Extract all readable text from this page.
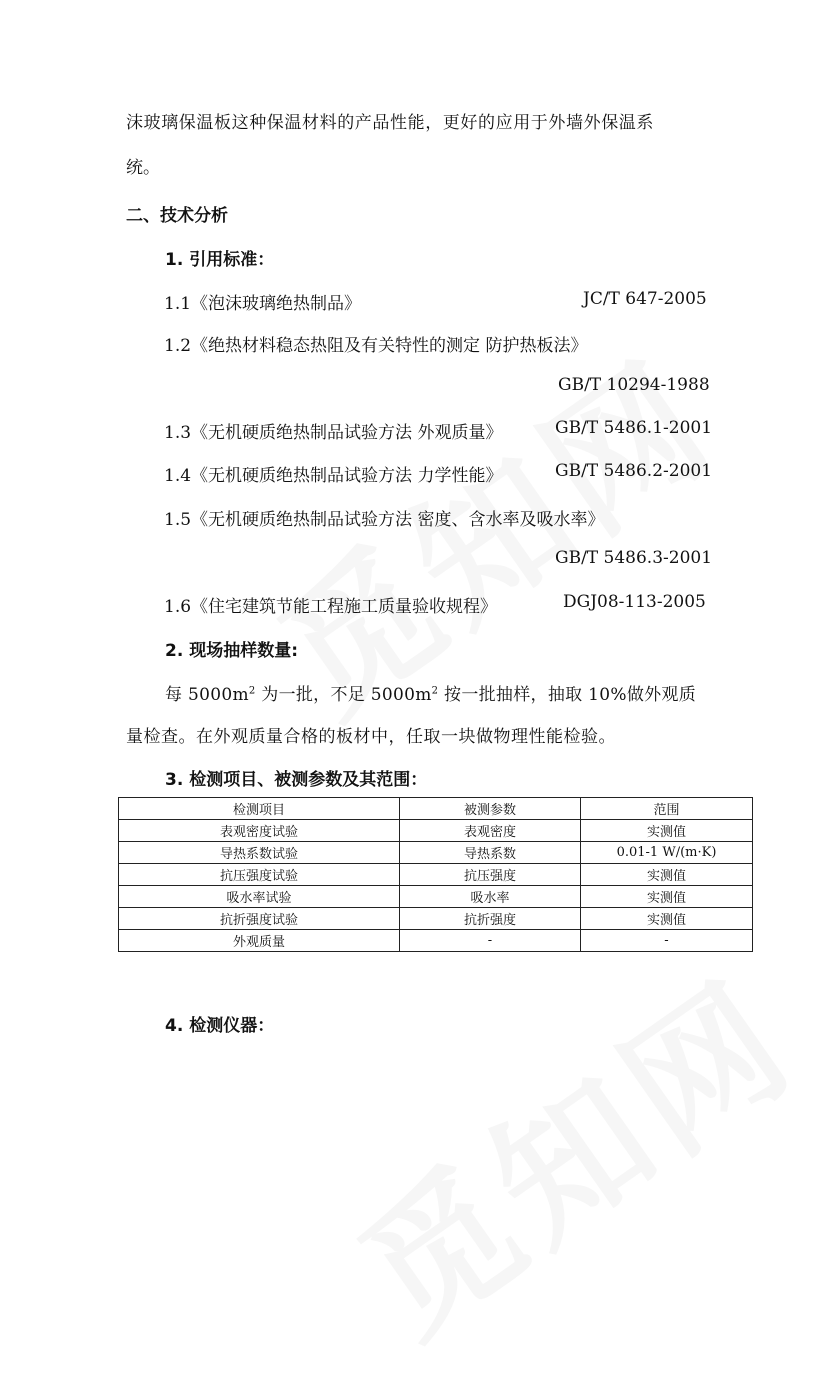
沫玻璃保温板这种保温材料的产品性能，更好的应用于外墙外保温系
统。
二、技术分析
1. 引用标准：
1.1《泡沫玻璃绝热制品》	JC/T 647-2005
1.2《绝热材料稳态热阻及有关特性的测定 防护热板法》
GB/T 10294-1988
1.3《无机硬质绝热制品试验方法 外观质量》	GB/T 5486.1-2001
1.4《无机硬质绝热制品试验方法 力学性能》	GB/T 5486.2-2001
1.5《无机硬质绝热制品试验方法 密度、含水率及吸水率》
GB/T 5486.3-2001
1.6《住宅建筑节能工程施工质量验收规程》	DGJ08-113-2005
2. 现场抽样数量:
每 $5000m^2$ 为一批，不足 $5000m^2$ 按一批抽样，抽取 10%做外观质
量检查。在外观质量合格的板材中，任取一块做物理性能检验。
3. 检测项目、被测参数及其范围：
检测项目	被测参数	范围
表观密度试验	表观密度	实测值
导热系数试验	导热系数	0.01-1 W/(m·K)
抗压强度试验	抗压强度	实测值
吸水率试验	吸水率	实测值
抗折强度试验	抗折强度	实测值
外观质量	-	-
4. 检测仪器：
